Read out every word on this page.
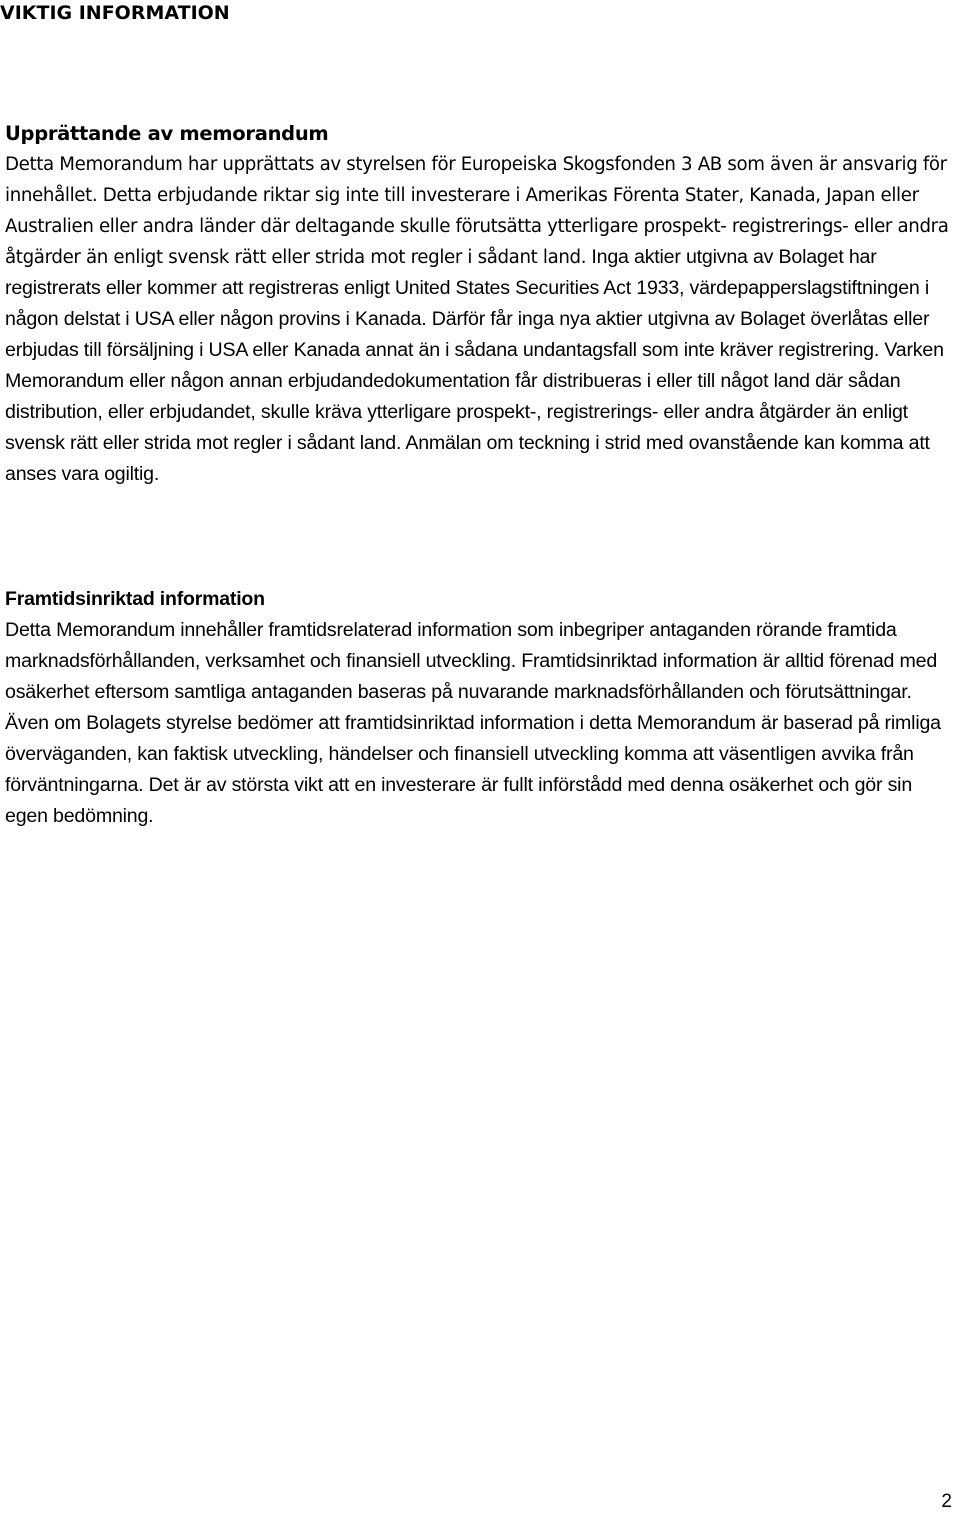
VIKTIG INFORMATION
Upprättande av memorandum

Detta Memorandum har upprättats av styrelsen för Europeiska Skogsfonden 3 AB som även är ansvarig för innehållet. Detta erbjudande riktar sig inte till investerare i Amerikas Förenta Stater, Kanada, Japan eller Australien eller andra länder där deltagande skulle förutsätta ytterligare prospekt- registrerings- eller andra åtgärder än enligt svensk rätt eller strida mot regler i sådant land. Inga aktier utgivna av Bolaget har registrerats eller kommer att registreras enligt United States Securities Act 1933, värdepapperslagstiftningen i någon delstat i USA eller någon provins i Kanada. Därför får inga nya aktier utgivna av Bolaget överlåtas eller erbjudas till försäljning i USA eller Kanada annat än i sådana undantagsfall som inte kräver registrering. Varken Memorandum eller någon annan erbjudandedokumentation får distribueras i eller till något land där sådan distribution, eller erbjudandet, skulle kräva ytterligare prospekt-, registrerings- eller andra åtgärder än enligt svensk rätt eller strida mot regler i sådant land. Anmälan om teckning i strid med ovanstående kan komma att anses vara ogiltig.

Framtidsinriktad information

Detta Memorandum innehåller framtidsrelaterad information som inbegriper antaganden rörande framtida marknadsförhållanden, verksamhet och finansiell utveckling. Framtidsinriktad information är alltid förenad med osäkerhet eftersom samtliga antaganden baseras på nuvarande marknadsförhållanden och förutsättningar. Även om Bolagets styrelse bedömer att framtidsinriktad information i detta Memorandum är baserad på rimliga överväganden, kan faktisk utveckling, händelser och finansiell utveckling komma att väsentligen avvika från förväntningarna. Det är av största vikt att en investerare är fullt införstådd med denna osäkerhet och gör sin egen bedömning.

2
